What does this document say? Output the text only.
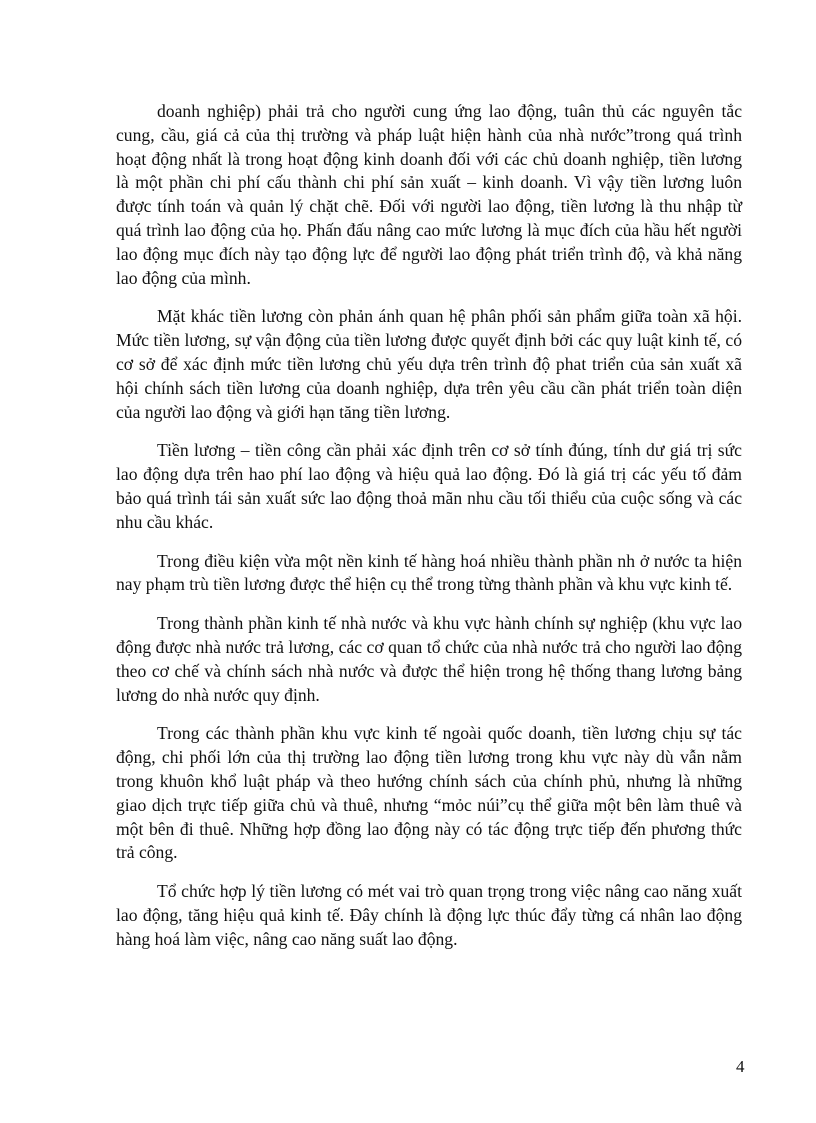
doanh nghiệp) phải trả cho người cung ứng lao động, tuân thủ các nguyên tắc cung, cầu, giá cả của thị trường và pháp luật hiện hành của nhà nước”trong quá trình hoạt động nhất là trong hoạt động kinh doanh đối với các chủ doanh nghiệp, tiền lương là một phần chi phí cấu thành chi phí sản xuất – kinh doanh. Vì vậy tiền lương luôn được tính toán và quản lý chặt chẽ. Đối với người lao động, tiền lương là thu nhập từ quá trình lao động của họ. Phấn đấu nâng cao mức lương là mục đích của hầu hết người lao động mục đích này tạo động lực để người lao động phát triển trình độ, và khả năng lao động của mình.

Mặt khác tiền lương còn phản ánh quan hệ phân phối sản phẩm giữa toàn xã hội. Mức tiền lương, sự vận động của tiền lương được quyết định bởi các quy luật kinh tế, có cơ sở để xác định mức tiền lương chủ yếu dựa trên trình độ phat triển của sản xuất xã hội chính sách tiền lương của doanh nghiệp, dựa trên yêu cầu cần phát triển toàn diện của người lao động và giới hạn tăng tiền lương.

Tiền lương – tiền công cần phải xác định trên cơ sở tính đúng, tính dư giá trị sức lao động dựa trên hao phí lao động và hiệu quả lao động. Đó là giá trị các yếu tố đảm bảo quá trình tái sản xuất sức lao động thoả mãn nhu cầu tối thiểu của cuộc sống và các nhu cầu khác.

Trong điều kiện vừa một nền kinh tế hàng hoá nhiều thành phần nh ở nước ta hiện nay phạm trù tiền lương được thể hiện cụ thể trong từng thành phần và khu vực kinh tế.

Trong thành phần kinh tế nhà nước và khu vực hành chính sự nghiệp (khu vực lao động được nhà nước trả lương, các cơ quan tổ chức của nhà nước trả cho người lao động theo cơ chế và chính sách nhà nước và được thể hiện trong hệ thống thang lương bảng lương do nhà nước quy định.

Trong các thành phần khu vực kinh tế ngoài quốc doanh, tiền lương chịu sự tác động, chi phối lớn của thị trường lao động tiền lương trong khu vực này dù vẫn nằm trong khuôn khổ luật pháp và theo hướng chính sách của chính phủ, nhưng là những giao dịch trực tiếp giữa chủ và thuê, nhưng “mỏc núi”cụ thể giữa một bên làm thuê và một bên đi thuê. Những hợp đồng lao động này có tác động trực tiếp đến phương thức trả công.

Tổ chức hợp lý tiền lương có mét vai trò quan trọng trong việc nâng cao năng xuất lao động, tăng hiệu quả kinh tế. Đây chính là động lực thúc đẩy từng cá nhân lao động hàng hoá làm việc, nâng cao năng suất lao động.

4
